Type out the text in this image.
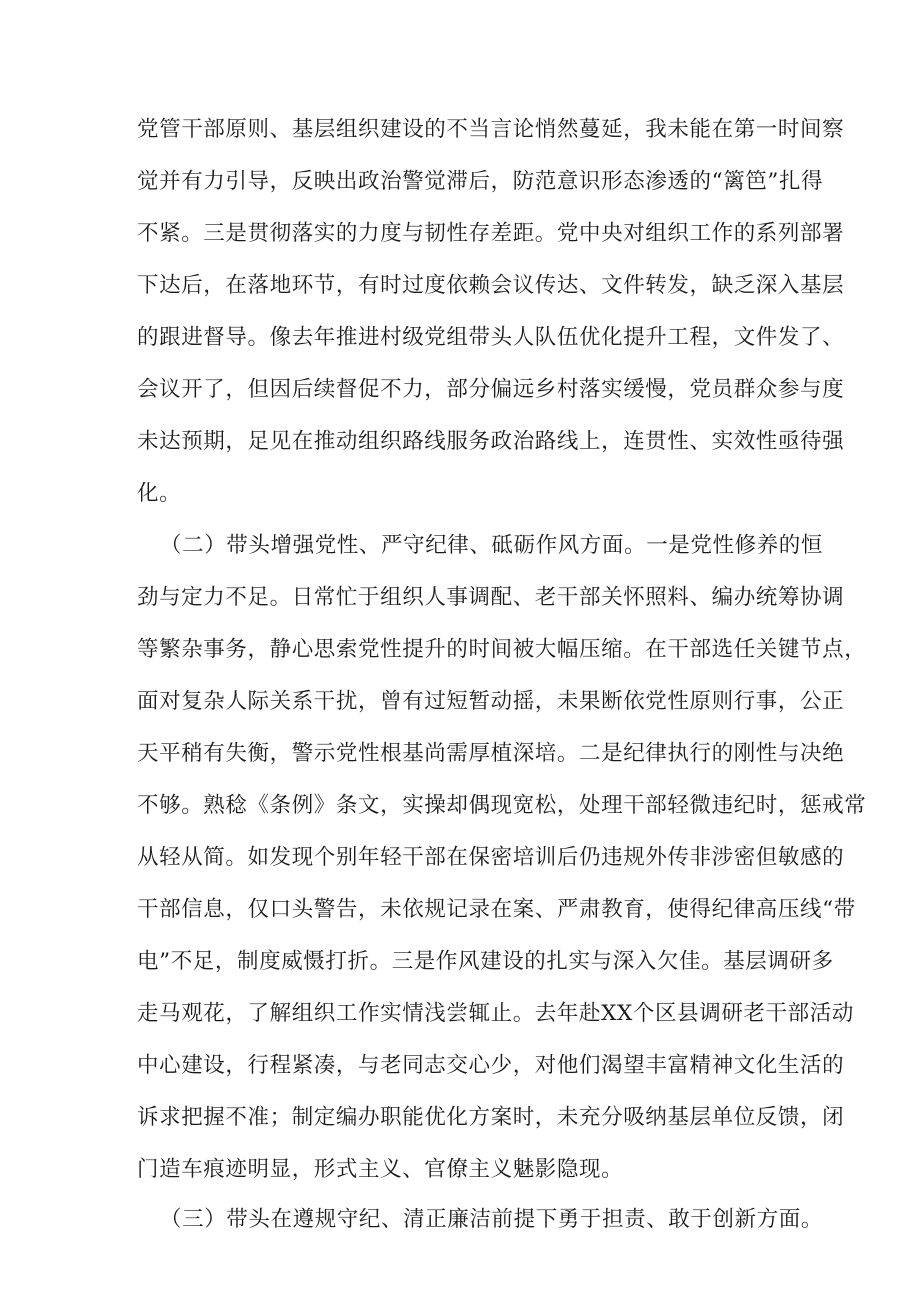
党管干部原则、基层组织建设的不当言论悄然蔓延，我未能在第一时间察
觉并有力引导，反映出政治警觉滞后，防范意识形态渗透的“篱笆”扎得
不紧。三是贯彻落实的力度与韧性存差距。党中央对组织工作的系列部署
下达后，在落地环节，有时过度依赖会议传达、文件转发，缺乏深入基层
的跟进督导。像去年推进村级党组带头人队伍优化提升工程，文件发了、
会议开了，但因后续督促不力，部分偏远乡村落实缓慢，党员群众参与度
未达预期，足见在推动组织路线服务政治路线上，连贯性、实效性亟待强
化。
（二）带头增强党性、严守纪律、砥砺作风方面。一是党性修养的恒
劲与定力不足。日常忙于组织人事调配、老干部关怀照料、编办统筹协调
等繁杂事务，静心思索党性提升的时间被大幅压缩。在干部选任关键节点，
面对复杂人际关系干扰，曾有过短暂动摇，未果断依党性原则行事，公正
天平稍有失衡，警示党性根基尚需厚植深培。二是纪律执行的刚性与决绝
不够。熟稔《条例》条文，实操却偶现宽松，处理干部轻微违纪时，惩戒常
从轻从简。如发现个别年轻干部在保密培训后仍违规外传非涉密但敏感的
干部信息，仅口头警告，未依规记录在案、严肃教育，使得纪律高压线“带
电”不足，制度威慑打折。三是作风建设的扎实与深入欠佳。基层调研多
走马观花，了解组织工作实情浅尝辄止。去年赴XX个区县调研老干部活动
中心建设，行程紧凑，与老同志交心少，对他们渴望丰富精神文化生活的
诉求把握不准；制定编办职能优化方案时，未充分吸纳基层单位反馈，闭
门造车痕迹明显，形式主义、官僚主义魅影隐现。
（三）带头在遵规守纪、清正廉洁前提下勇于担责、敢于创新方面。
